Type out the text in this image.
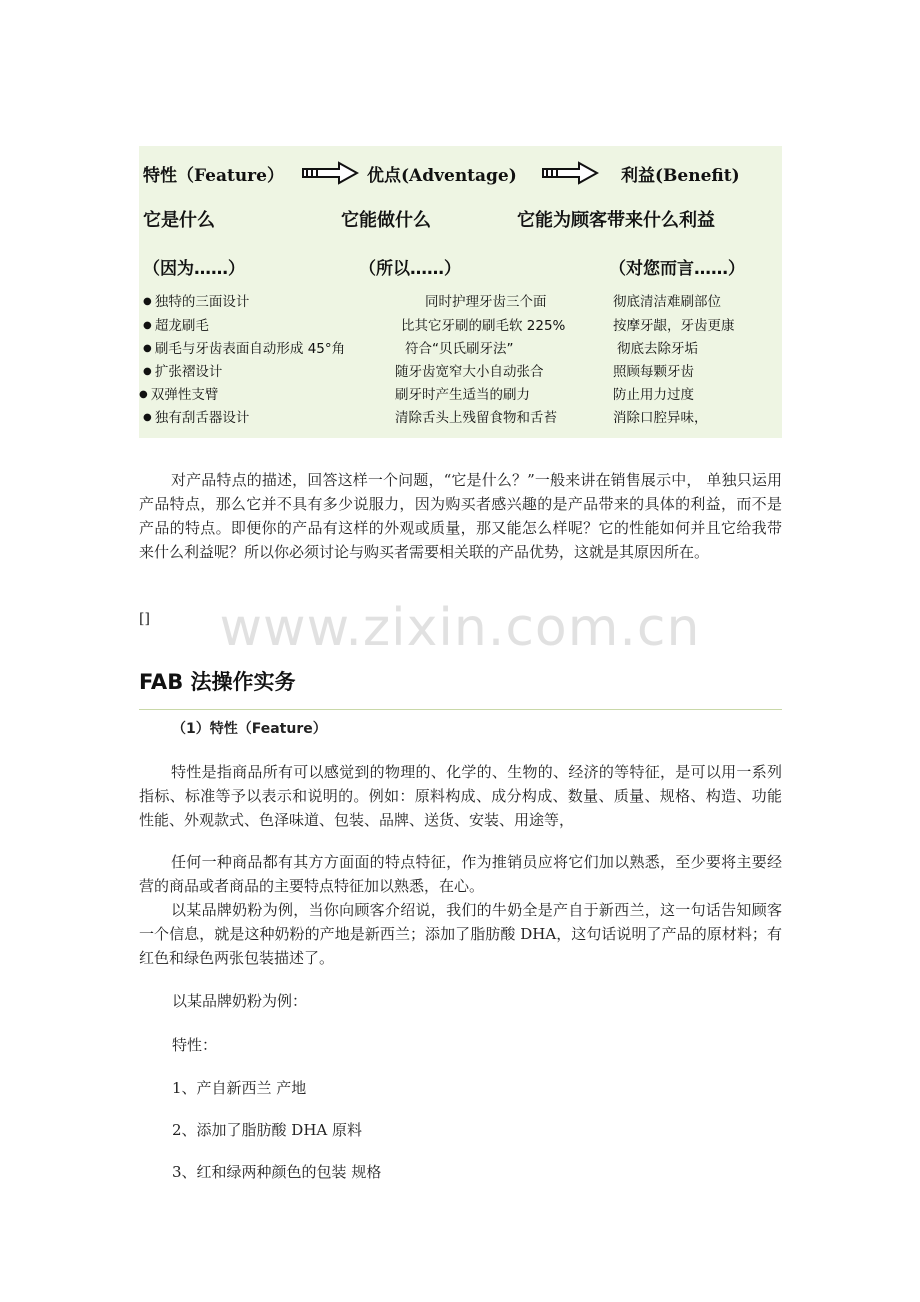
特性（Feature）	优点(Adventage)	利益(Benefit)
它是什么	它能做什么	它能为顾客带来什么利益
（因为……）	（所以……）	（对您而言……）
● 独特的三面设计	同时护理牙齿三个面	彻底清洁难刷部位
● 超龙刷毛	比其它牙刷的刷毛软 225%	按摩牙龈，牙齿更康
● 刷毛与牙齿表面自动形成 45°角	符合“贝氏刷牙法”	彻底去除牙垢
● 扩张褶设计	随牙齿宽窄大小自动张合	照顾每颗牙齿
● 双弹性支臂	刷牙时产生适当的刷力	防止用力过度
● 独有刮舌器设计	清除舌头上残留食物和舌苔	消除口腔异味，
对产品特点的描述，回答这样一个问题，“它是什么？”一般来讲在销售展示中， 单独只运用产品特点，那么它并不具有多少说服力，因为购买者感兴趣的是产品带来的具体的利益，而不是产品的特点。即便你的产品有这样的外观或质量，那又能怎么样呢？它的性能如何并且它给我带来什么利益呢？所以你必须讨论与购买者需要相关联的产品优势，这就是其原因所在。
[]	www.zixin.com.cn
FAB 法操作实务
（1）特性（Feature）
特性是指商品所有可以感觉到的物理的、化学的、生物的、经济的等特征，是可以用一系列指标、标准等予以表示和说明的。例如：原料构成、成分构成、数量、质量、规格、构造、功能性能、外观款式、色泽味道、包装、品牌、送货、安装、用途等，
任何一种商品都有其方方面面的特点特征，作为推销员应将它们加以熟悉，至少要将主要经营的商品或者商品的主要特点特征加以熟悉，在心。
以某品牌奶粉为例，当你向顾客介绍说，我们的牛奶全是产自于新西兰，这一句话告知顾客一个信息，就是这种奶粉的产地是新西兰；添加了脂肪酸 DHA，这句话说明了产品的原材料；有红色和绿色两张包装描述了。
以某品牌奶粉为例：
特性：
1、产自新西兰 产地
2、添加了脂肪酸 DHA 原料
3、红和绿两种颜色的包装 规格
